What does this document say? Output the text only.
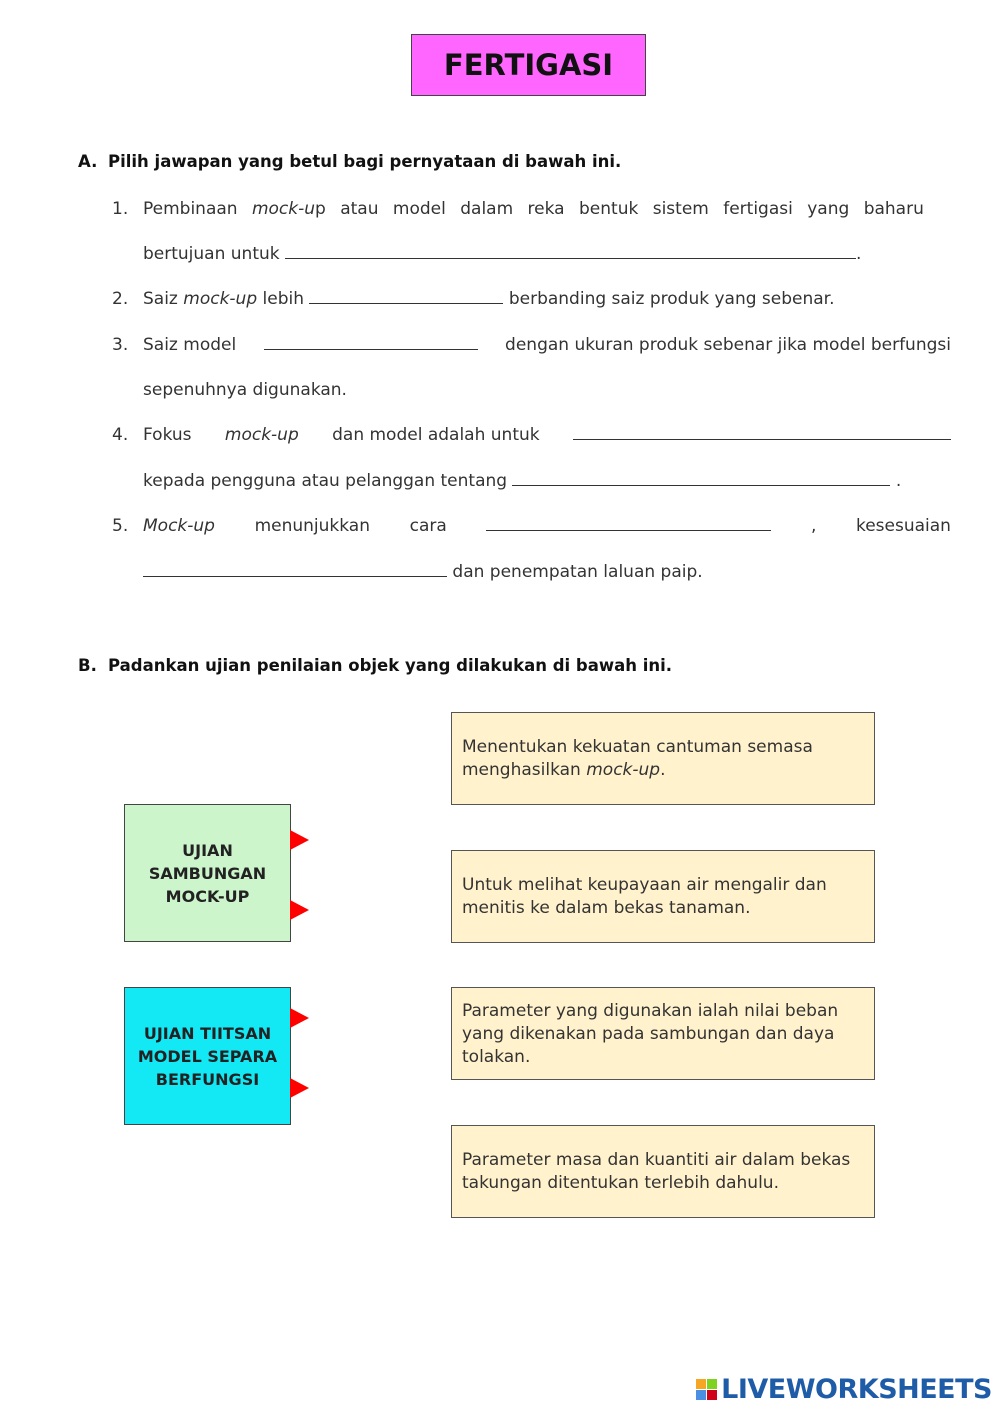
FERTIGASI
A. Pilih jawapan yang betul bagi pernyataan di bawah ini.
1. Pembinaan mock-up atau model dalam reka bentuk sistem fertigasi yang baharu
bertujuan untuk	.
2. Saiz mock-up lebih	berbanding saiz produk yang sebenar.
3. Saiz model	dengan ukuran produk sebenar jika model berfungsi
sepenuhnya digunakan.
4. Fokus mock-up dan model adalah untuk
kepada pengguna atau pelanggan tentang	.
5. Mock-up menunjukkan cara	, kesesuaian
dan penempatan laluan paip.
B. Padankan ujian penilaian objek yang dilakukan di bawah ini.
UJIAN
SAMBUNGAN
MOCK-UP
UJIAN TIITSAN
MODEL SEPARA
BERFUNGSI
Menentukan kekuatan cantuman semasa menghasilkan mock-up.
Untuk melihat keupayaan air mengalir dan menitis ke dalam bekas tanaman.
Parameter yang digunakan ialah nilai beban yang dikenakan pada sambungan dan daya tolakan.
Parameter masa dan kuantiti air dalam bekas takungan ditentukan terlebih dahulu.
LIVEWORKSHEETS
